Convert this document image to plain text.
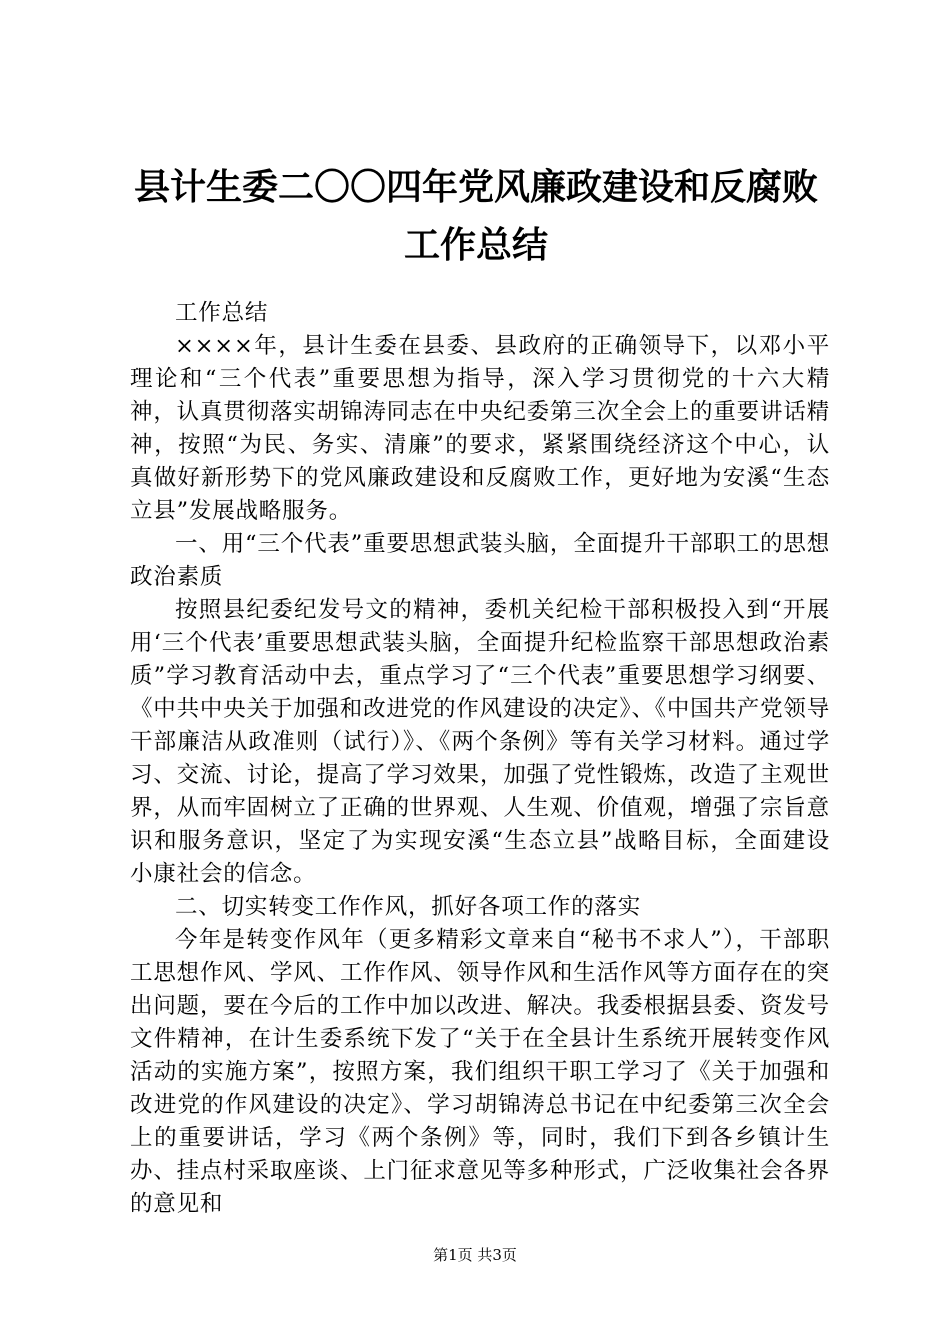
县计生委二〇〇四年党风廉政建设和反腐败工作总结

工作总结

××××年，县计生委在县委、县政府的正确领导下，以邓小平理论和“三个代表”重要思想为指导，深入学习贯彻党的十六大精神，认真贯彻落实胡锦涛同志在中央纪委第三次全会上的重要讲话精神，按照“为民、务实、清廉”的要求，紧紧围绕经济这个中心，认真做好新形势下的党风廉政建设和反腐败工作，更好地为安溪“生态立县”发展战略服务。

一、用“三个代表”重要思想武装头脑，全面提升干部职工的思想政治素质

按照县纪委纪发号文的精神，委机关纪检干部积极投入到“开展用‘三个代表’重要思想武装头脑，全面提升纪检监察干部思想政治素质”学习教育活动中去，重点学习了“三个代表”重要思想学习纲要、《中共中央关于加强和改进党的作风建设的决定》、《中国共产党领导干部廉洁从政准则（试行）》、《两个条例》等有关学习材料。通过学习、交流、讨论，提高了学习效果，加强了党性锻炼，改造了主观世界，从而牢固树立了正确的世界观、人生观、价值观，增强了宗旨意识和服务意识，坚定了为实现安溪“生态立县”战略目标，全面建设小康社会的信念。

二、切实转变工作作风，抓好各项工作的落实

今年是转变作风年（更多精彩文章来自“秘书不求人”），干部职工思想作风、学风、工作作风、领导作风和生活作风等方面存在的突出问题，要在今后的工作中加以改进、解决。我委根据县委、资发号文件精神，在计生委系统下发了“关于在全县计生系统开展转变作风活动的实施方案”，按照方案，我们组织干职工学习了《关于加强和改进党的作风建设的决定》、学习胡锦涛总书记在中纪委第三次全会上的重要讲话，学习《两个条例》等，同时，我们下到各乡镇计生办、挂点村采取座谈、上门征求意见等多种形式，广泛收集社会各界的意见和

第1页 共3页
